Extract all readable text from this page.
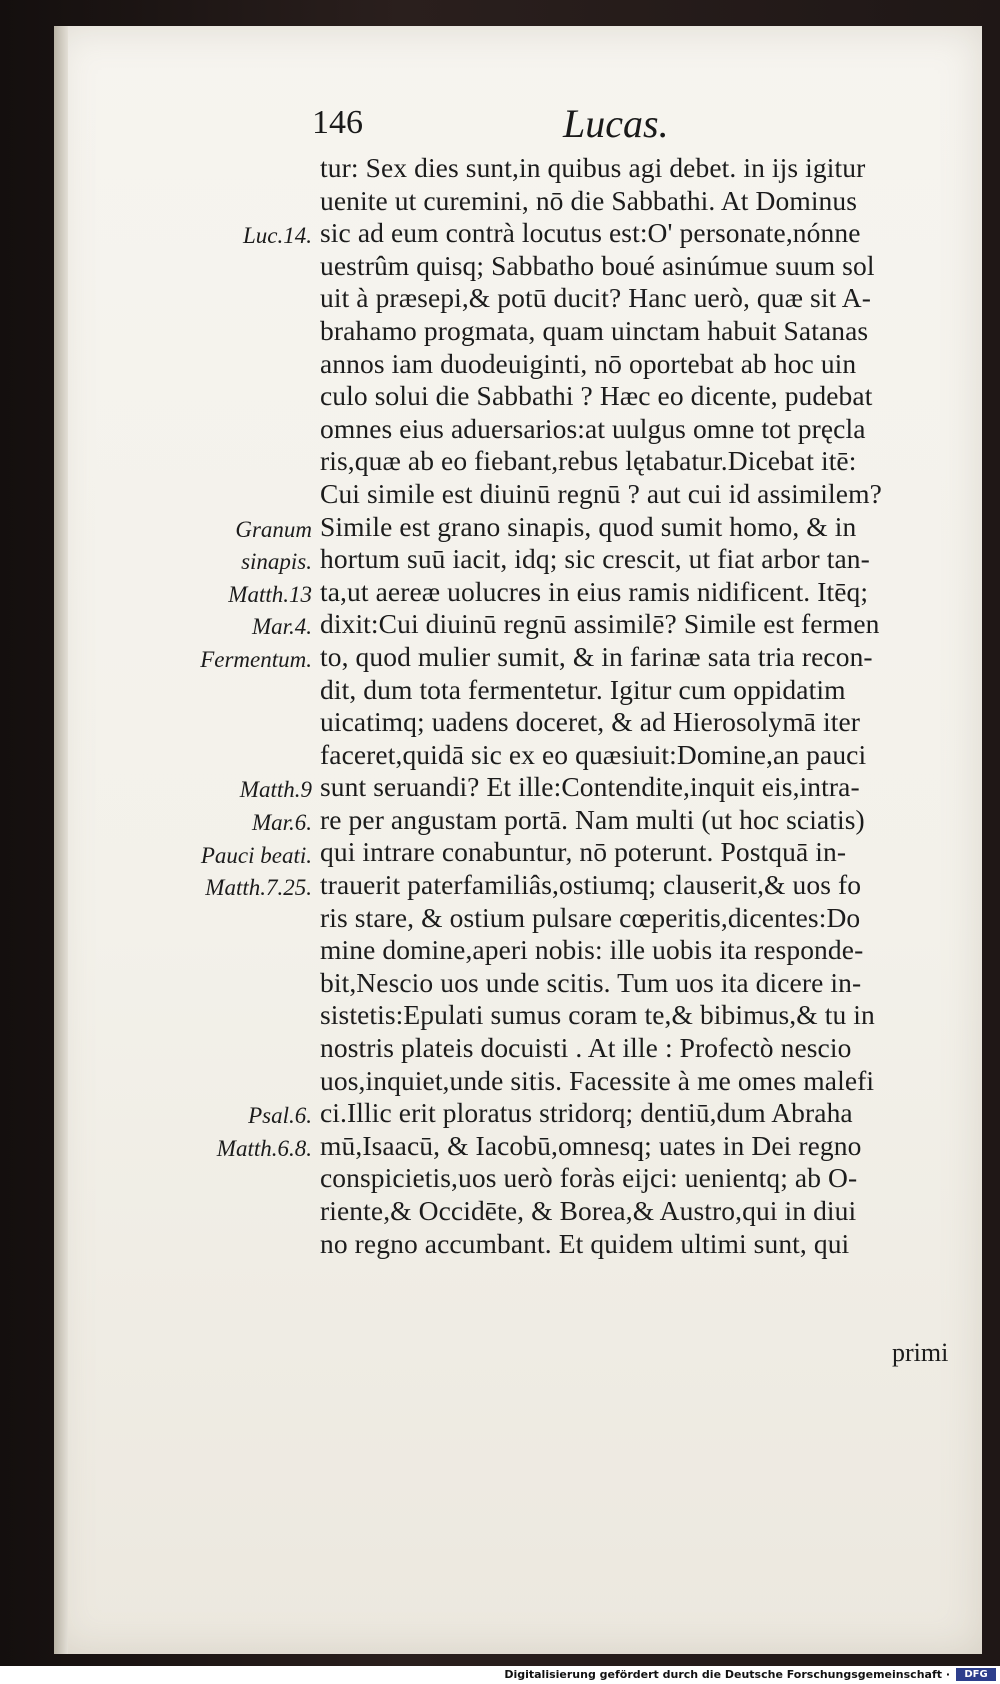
146	Lucas.
tur: Sex dies sunt,in quibus agi debet. in ijs igitur
uenite ut curemini, nō die Sabbathi. At Dominus
sic ad eum contrà locutus est:O' personate,nónne
uestrûm quisq; Sabbatho boué asinúmue suum sol
uit à præsepi,& potū ducit? Hanc uerò, quæ sit A-
brahamo progmata, quam uinctam habuit Satanas
annos iam duodeuiginti, nō oportebat ab hoc uin
culo solui die Sabbathi ? Hæc eo dicente, pudebat
omnes eius aduersarios:at uulgus omne tot pręcla
ris,quæ ab eo fiebant,rebus lętabatur.Dicebat itē:
Cui simile est diuinū regnū ? aut cui id assimilem?
Simile est grano sinapis, quod sumit homo, & in
hortum suū iacit, idq; sic crescit, ut fiat arbor tan-
ta,ut aereæ uolucres in eius ramis nidificent. Itēq;
dixit:Cui diuinū regnū assimilē? Simile est fermen
to, quod mulier sumit, & in farinæ sata tria recon-
dit, dum tota fermentetur. Igitur cum oppidatim
uicatimq; uadens doceret, & ad Hierosolymā iter
faceret,quidā sic ex eo quæsiuit:Domine,an pauci
sunt seruandi? Et ille:Contendite,inquit eis,intra-
re per angustam portā. Nam multi (ut hoc sciatis)
qui intrare conabuntur, nō poterunt. Postquā in-
trauerit paterfamiliâs,ostiumq; clauserit,& uos fo
ris stare, & ostium pulsare cœperitis,dicentes:Do
mine domine,aperi nobis: ille uobis ita responde-
bit,Nescio uos unde scitis. Tum uos ita dicere in-
sistetis:Epulati sumus coram te,& bibimus,& tu in
nostris plateis docuisti . At ille : Profectò nescio
uos,inquiet,unde sitis. Facessite à me omes malefi
ci.Illic erit ploratus stridorq; dentiū,dum Abraha
mū,Isaacū, & Iacobū,omnesq; uates in Dei regno
conspicietis,uos uerò foràs eijci: uenientq; ab O-
riente,& Occidēte, & Borea,& Austro,qui in diui
no regno accumbant. Et quidem ultimi sunt, qui
Luc.14.
Granum
sinapis.
Matth.13
Mar.4.
Fermentum.
Matth.9
Mar.6.
Pauci beati.
Matth.7.25.
Psal.6.
Matth.6.8.
primi
Digitalisierung gefördert durch die Deutsche Forschungsgemeinschaft ·	DFG
